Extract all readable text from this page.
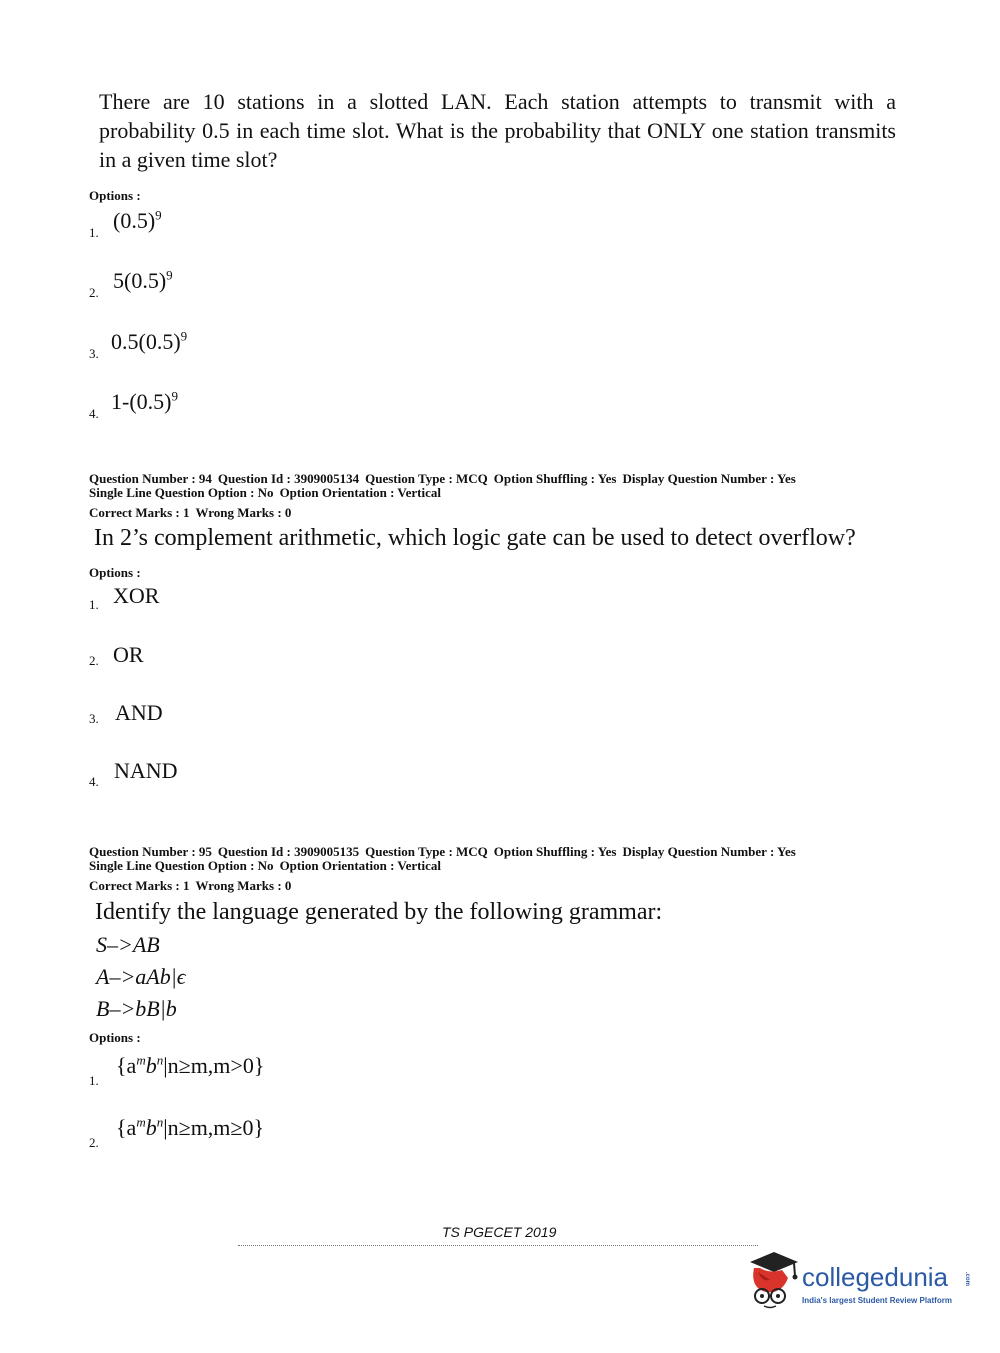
There are 10 stations in a slotted LAN. Each station attempts to transmit with a probability 0.5 in each time slot. What is the probability that ONLY one station transmits in a given time slot?
Options :
1. $(0.5)^9$
2. $5(0.5)^9$
3. $0.5(0.5)^9$
4. $1-(0.5)^9$
Question Number : 94 Question Id : 3909005134 Question Type : MCQ Option Shuffling : Yes Display Question Number : Yes
Single Line Question Option : No Option Orientation : Vertical
Correct Marks : 1 Wrong Marks : 0
In 2’s complement arithmetic, which logic gate can be used to detect overflow?
Options :
1. XOR
2. OR
3. AND
4. NAND
Question Number : 95 Question Id : 3909005135 Question Type : MCQ Option Shuffling : Yes Display Question Number : Yes
Single Line Question Option : No Option Orientation : Vertical
Correct Marks : 1 Wrong Marks : 0
Identify the language generated by the following grammar:
S–>AB
A–>aAb|ϵ
B–>bB|b
Options :
1.
$\{a^mb^n|n\ge m,m>0\}$
2.
$\{a^mb^n|n\ge m,m\ge 0\}$
TS PGECET 2019
collegedunia	.com
India's largest Student Review Platform
